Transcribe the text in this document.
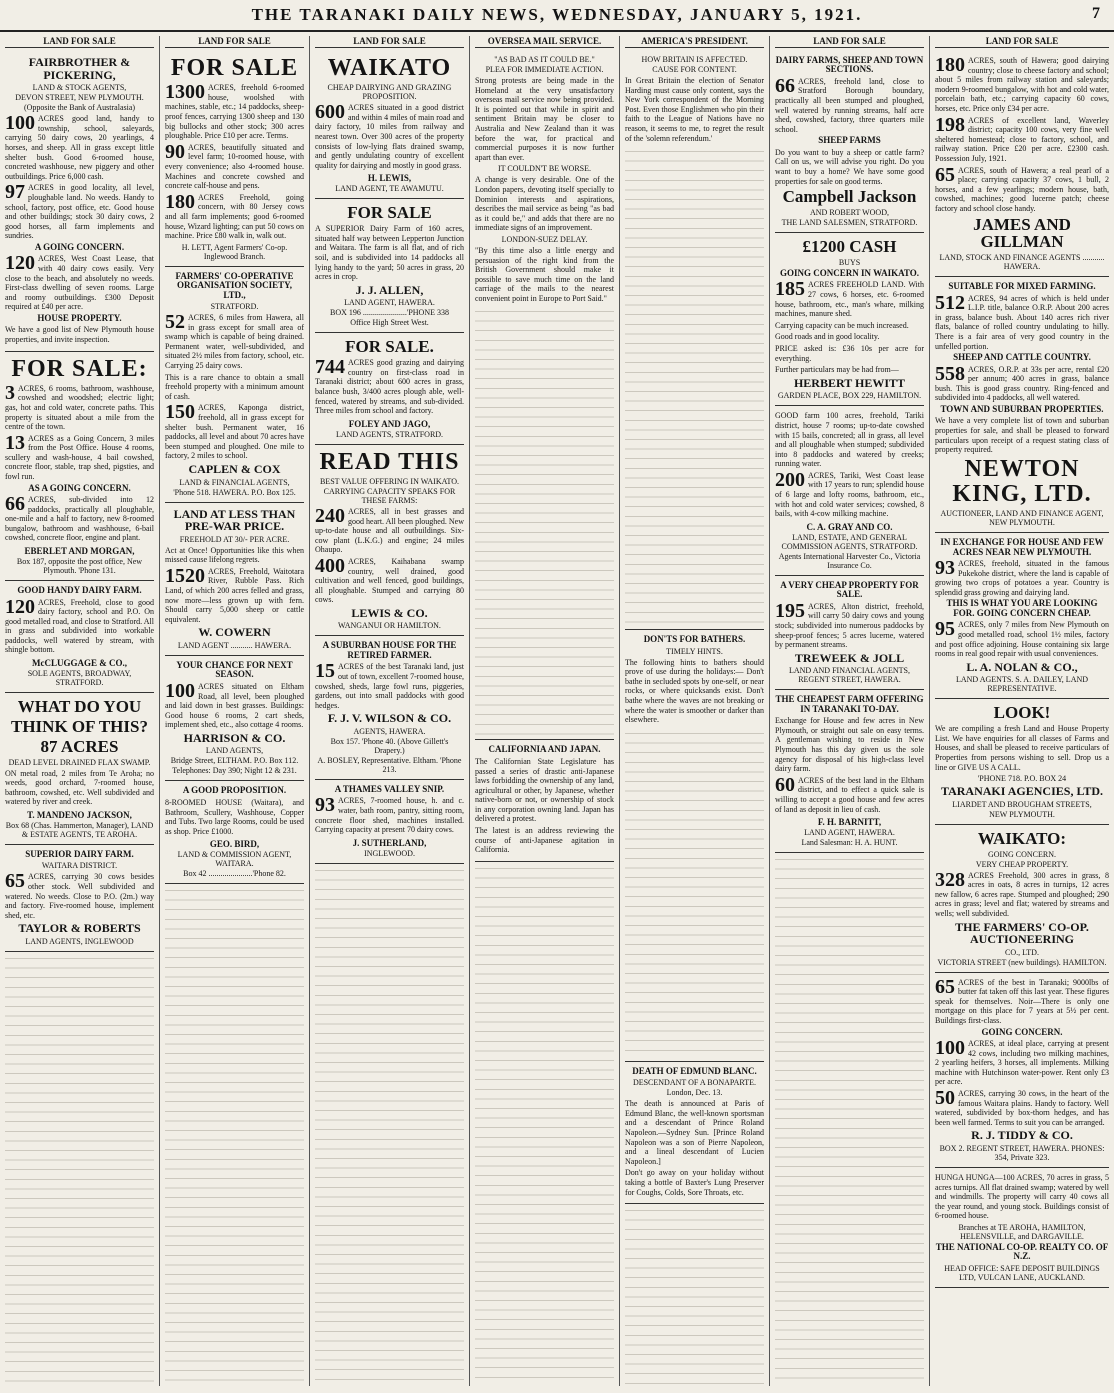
THE TARANAKI DAILY NEWS, WEDNESDAY, JANUARY 5, 1921.	7
LAND FOR SALE
FAIRBROTHER & PICKERING,
LAND & STOCK AGENTS,
DEVON STREET, NEW PLYMOUTH.
(Opposite the Bank of Australasia)
100 ACRES good land, handy to township, school, saleyards, carrying 50 dairy cows, 20 yearlings, 4 horses, and sheep. All in grass except little shelter bush. Good 6-roomed house, concreted washhouse, new piggery and other outbuildings. Price 6,000 cash.
97 ACRES in good locality, all level, ploughable land. No weeds. Handy to school, factory, post office, etc. Good house and other buildings; stock 30 dairy cows, 2 good horses, all farm implements and sundries.
A GOING CONCERN.
120 ACRES, West Coast Lease, that with 40 dairy cows easily. Very close to the beach, and absolutely no weeds. First-class dwelling of seven rooms. Large and roomy outbuildings. £300 Deposit required at £40 per acre.
HOUSE PROPERTY.
We have a good list of New Plymouth house properties, and invite inspection.
FOR SALE:
3 ACRES, 6 rooms, bathroom, washhouse, cowshed and woodshed; electric light; gas, hot and cold water, concrete paths. This property is situated about a mile from the centre of the town.
13 ACRES as a Going Concern, 3 miles from the Post Office. House 4 rooms, scullery and wash-house, 4 bail cowshed, concrete floor, stable, trap shed, pigsties, and fowl run.
AS A GOING CONCERN.
66 ACRES, sub-divided into 12 paddocks, practically all ploughable, one-mile and a half to factory, new 8-roomed bungalow, bathroom and washhouse, 6-bail cowshed, concrete floor, engine and plant.
EBERLET AND MORGAN,
Box 187, opposite the post office, New Plymouth. 'Phone 131.
GOOD HANDY DAIRY FARM.
120 ACRES, Freehold, close to good dairy factory, school and P.O. On good metalled road, and close to Stratford. All in grass and subdivided into workable paddocks, well watered by stream, with shingle bottom.
McCLUGGAGE & CO.,
SOLE AGENTS, BROADWAY, STRATFORD.
WHAT DO YOU
THINK OF THIS?
87 ACRES
DEAD LEVEL DRAINED FLAX SWAMP.
ON metal road, 2 miles from Te Aroha; no weeds, good orchard, 7-roomed house, bathroom, cowshed, etc. Well subdivided and watered by river and creek.
T. MANDENO JACKSON,
Box 68 (Chas. Hammerton, Manager), LAND & ESTATE AGENTS, TE AROHA.
SUPERIOR DAIRY FARM.
WAITARA DISTRICT.
65 ACRES, carrying 30 cows besides other stock. Well subdivided and watered. No weeds. Close to P.O. (2m.) way and factory. Five-roomed house, implement shed, etc.
TAYLOR & ROBERTS
LAND AGENTS, INGLEWOOD
LAND FOR SALE
FOR SALE
1300 ACRES, freehold 6-roomed house, woolshed with machines, stable, etc.; 14 paddocks, sheep-proof fences, carrying 1300 sheep and 130 big bullocks and other stock; 300 acres ploughable. Price £10 per acre. Terms.
90 ACRES, beautifully situated and level farm; 10-roomed house, with every convenience; also 4-roomed house. Machines and concrete cowshed and concrete calf-house and pens.
180 ACRES Freehold, going concern, with 80 Jersey cows and all farm implements; good 6-roomed house, Wizard lighting; can put 50 cows on machine. Price £80 walk in, walk out.
H. LETT, Agent Farmers' Co-op. Inglewood Branch.
FARMERS' CO-OPERATIVE ORGANISATION SOCIETY, LTD.,
STRATFORD.
52 ACRES, 6 miles from Hawera, all in grass except for small area of swamp which is capable of being drained. Permanent water, well-subdivided, and situated 2½ miles from factory, school, etc. Carrying 25 dairy cows.
This is a rare chance to obtain a small freehold property with a minimum amount of cash.
150 ACRES, Kaponga district, freehold, all in grass except for shelter bush. Permanent water, 16 paddocks, all level and about 70 acres have been stumped and ploughed. One mile to factory, 2 miles to school.
CAPLEN & COX
LAND & FINANCIAL AGENTS,
'Phone 518. HAWERA. P.O. Box 125.
LAND AT LESS THAN PRE-WAR PRICE.
FREEHOLD AT 30/- PER ACRE.
Act at Once! Opportunities like this when missed cause lifelong regrets.
1520 ACRES, Freehold, Waitotara River, Rubble Pass. Rich Land, of which 200 acres felled and grass, now more—less grown up with fern. Should carry 5,000 sheep or cattle equivalent.
W. COWERN
LAND AGENT ........... HAWERA.
YOUR CHANCE FOR NEXT SEASON.
100 ACRES situated on Eltham Road, all level, been ploughed and laid down in best grasses. Buildings: Good house 6 rooms, 2 cart sheds, implement shed, etc., also cottage 4 rooms.
HARRISON & CO.
LAND AGENTS,
Bridge Street, ELTHAM. P.O. Box 112.
Telephones: Day 390; Night 12 & 231.
A GOOD PROPOSITION.
8-ROOMED HOUSE (Waitara), and Bathroom, Scullery, Washhouse, Copper and Tubs. Two large Rooms, could be used as shop. Price £1000.
GEO. BIRD,
LAND & COMMISSION AGENT, WAITARA.
Box 42 ......................'Phone 82.
LAND FOR SALE
WAIKATO
CHEAP DAIRYING AND GRAZING PROPOSITION.
600 ACRES situated in a good district and within 4 miles of main road and dairy factory, 10 miles from railway and nearest town. Over 300 acres of the property consists of low-lying flats drained swamp, and gently undulating country of excellent quality for dairying and mostly in good grass.
H. LEWIS,
LAND AGENT, TE AWAMUTU.
FOR SALE
A SUPERIOR Dairy Farm of 160 acres, situated half way between Lepperton Junction and Waitara. The farm is all flat, and of rich soil, and is subdivided into 14 paddocks all lying handy to the yard; 50 acres in grass, 20 acres in crop.
J. J. ALLEN,
LAND AGENT, HAWERA.
BOX 196 ......................'PHONE 338
Office High Street West.
FOR SALE.
744 ACRES good grazing and dairying country on first-class road in Taranaki district; about 600 acres in grass, balance bush, 3/400 acres plough able, well-fenced, watered by streams, and sub-divided. Three miles from school and factory.
FOLEY AND JAGO,
LAND AGENTS, STRATFORD.
READ THIS
BEST VALUE OFFERING IN WAIKATO.
CARRYING CAPACITY SPEAKS FOR THESE FARMS:
240 ACRES, all in best grasses and good heart. All been ploughed. New up-to-date house and all outbuildings. Six-cow plant (L.K.G.) and engine; 24 miles Ohaupo.
400 ACRES, Kaihabana swamp country, well drained, good cultivation and well fenced, good buildings, all ploughable. Stumped and carrying 80 cows.
LEWIS & CO.
WANGANUI OR HAMILTON.
A SUBURBAN HOUSE FOR THE RETIRED FARMER.
15 ACRES of the best Taranaki land, just out of town, excellent 7-roomed house, cowshed, sheds, large fowl runs, piggeries, gardens, out into small paddocks with good hedges.
F. J. V. WILSON & CO.
AGENTS, HAWERA.
Box 157. 'Phone 40. (Above Gillett's Drapery.)
A. BOSLEY, Representative. Eltham. 'Phone 213.
A THAMES VALLEY SNIP.
93 ACRES, 7-roomed house, h. and c. water, bath room, pantry, sitting room, concrete floor shed, machines installed. Carrying capacity at present 70 dairy cows.
J. SUTHERLAND,
INGLEWOOD.
OVERSEA MAIL SERVICE.
"AS BAD AS IT COULD BE."
PLEA FOR IMMEDIATE ACTION.
Strong protests are being made in the Homeland at the very unsatisfactory overseas mail service now being provided. It is pointed out that while in spirit and sentiment Britain may be closer to Australia and New Zealand than it was before the war, for practical and commercial purposes it is now further apart than ever.
IT COULDN'T BE WORSE.
A change is very desirable. One of the London papers, devoting itself specially to Dominion interests and aspirations, describes the mail service as being "as bad as it could be," and adds that there are no immediate signs of an improvement.
LONDON-SUEZ DELAY.
"By this time also a little energy and persuasion of the right kind from the British Government should make it possible to save much time on the land carriage of the mails to the nearest convenient point in Europe to Port Said."
CALIFORNIA AND JAPAN.
The Californian State Legislature has passed a series of drastic anti-Japanese laws forbidding the ownership of any land, agricultural or other, by Japanese, whether native-born or not, or ownership of stock in any corporation owning land. Japan has delivered a protest.
The latest is an address reviewing the course of anti-Japanese agitation in California.
AMERICA'S PRESIDENT.
HOW BRITAIN IS AFFECTED.
CAUSE FOR CONTENT.
In Great Britain the election of Senator Harding must cause only content, says the New York correspondent of the Morning Post. Even those Englishmen who pin their faith to the League of Nations have no reason, it seems to me, to regret the result of the 'solemn referendum.'
DON'TS FOR BATHERS.
TIMELY HINTS.
The following hints to bathers should prove of use during the holidays:— Don't bathe in secluded spots by one-self, or near rocks, or where quicksands exist. Don't bathe where the waves are not breaking or where the water is smoother or darker than elsewhere.
DEATH OF EDMUND BLANC.
DESCENDANT OF A BONAPARTE.
London, Dec. 13.
The death is announced at Paris of Edmund Blanc, the well-known sportsman and a descendant of Prince Roland Napoleon.—Sydney Sun. [Prince Roland Napoleon was a son of Pierre Napoleon, and a lineal descendant of Lucien Napoleon.]
Don't go away on your holiday without taking a bottle of Baxter's Lung Preserver for Coughs, Colds, Sore Throats, etc.
LAND FOR SALE
DAIRY FARMS, SHEEP AND TOWN SECTIONS.
66 ACRES, freehold land, close to Stratford Borough boundary, practically all been stumped and ploughed, well watered by running streams, half acre shed, cowshed, factory, three quarters mile school.
SHEEP FARMS
Do you want to buy a sheep or cattle farm? Call on us, we will advise you right. Do you want to buy a home? We have some good properties for sale on good terms.
Campbell Jackson
AND ROBERT WOOD,
THE LAND SALESMEN, STRATFORD.
£1200 CASH
BUYS
GOING CONCERN IN WAIKATO.
185 ACRES FREEHOLD LAND. With 27 cows, 6 horses, etc. 6-roomed house, bathroom, etc., man's whare, milking machines, manure shed.
Carrying capacity can be much increased.
Good roads and in good locality.
PRICE asked is: £36 10s per acre for everything.
Further particulars may be had from—
HERBERT HEWITT
GARDEN PLACE, BOX 229, HAMILTON.
GOOD farm 100 acres, freehold, Tariki district, house 7 rooms; up-to-date cowshed with 15 bails, concreted; all in grass, all level and all ploughable when stumped; subdivided into 8 paddocks and watered by creeks; running water.
200 ACRES, Tariki, West Coast lease with 17 years to run; splendid house of 6 large and lofty rooms, bathroom, etc., with hot and cold water services; cowshed, 8 bails, with 4-cow milking machine.
C. A. GRAY AND CO.
LAND, ESTATE, AND GENERAL COMMISSION AGENTS, STRATFORD.
Agents International Harvester Co., Victoria Insurance Co.
A VERY CHEAP PROPERTY FOR SALE.
195 ACRES, Alton district, freehold, will carry 50 dairy cows and young stock; subdivided into numerous paddocks by sheep-proof fences; 5 acres lucerne, watered by permanent streams.
TREWEEK & JOLL
LAND AND FINANCIAL AGENTS, REGENT STREET, HAWERA.
THE CHEAPEST FARM OFFERING IN TARANAKI TO-DAY.
Exchange for House and few acres in New Plymouth, or straight out sale on easy terms. A gentleman wishing to reside in New Plymouth has this day given us the sole agency for disposal of his high-class level dairy farm.
60 ACRES of the best land in the Eltham district, and to effect a quick sale is willing to accept a good house and few acres of land as deposit in lieu of cash.
F. H. BARNITT,
LAND AGENT, HAWERA.
Land Salesman: H. A. HUNT.
LAND FOR SALE
180 ACRES, south of Hawera; good dairying country; close to cheese factory and school; about 5 miles from railway station and saleyards; modern 9-roomed bungalow, with hot and cold water, porcelain bath, etc.; carrying capacity 60 cows, horses, etc. Price only £34 per acre.
198 ACRES of excellent land, Waverley district; capacity 100 cows, very fine well sheltered homestead; close to factory, school, and railway station. Price £20 per acre. £2300 cash. Possession July, 1921.
65 ACRES, south of Hawera; a real pearl of a place; carrying capacity 37 cows, 1 bull, 2 horses, and a few yearlings; modern house, bath, cowshed, machines; good lucerne patch; cheese factory and school close handy.
JAMES AND GILLMAN
LAND, STOCK AND FINANCE AGENTS ........... HAWERA.
SUITABLE FOR MIXED FARMING.
512 ACRES, 94 acres of which is held under L.I.P. title, balance O.R.P. About 200 acres in grass, balance bush. About 140 acres rich river flats, balance of rolled country undulating to hilly. There is a fair area of very good country in the unfelled portion.
SHEEP AND CATTLE COUNTRY.
558 ACRES, O.R.P. at 33s per acre, rental £20 per annum; 400 acres in grass, balance bush. This is good grass country. Ring-fenced and subdivided into 4 paddocks, all well watered.
TOWN AND SUBURBAN PROPERTIES.
We have a very complete list of town and suburban properties for sale, and shall be pleased to forward particulars upon receipt of a request stating class of property required.
NEWTON KING, LTD.
AUCTIONEER, LAND AND FINANCE AGENT, NEW PLYMOUTH.
IN EXCHANGE FOR HOUSE AND FEW ACRES NEAR NEW PLYMOUTH.
93 ACRES, freehold, situated in the famous Pukekohe district, where the land is capable of growing two crops of potatoes a year. Country is splendid grass growing and dairying land.
THIS IS WHAT YOU ARE LOOKING FOR. GOING CONCERN CHEAP.
95 ACRES, only 7 miles from New Plymouth on good metalled road, school 1½ miles, factory and post office adjoining. House containing six large rooms in real good repair with usual conveniences.
L. A. NOLAN & CO.,
LAND AGENTS. S. A. DAILEY, LAND REPRESENTATIVE.
LOOK!
We are compiling a fresh Land and House Property List. We have enquiries for all classes of Farms and Houses, and shall be pleased to receive particulars of Properties from persons wishing to sell. Drop us a line or GIVE US A CALL.
'PHONE 718. P.O. BOX 24
TARANAKI AGENCIES, LTD.
LIARDET AND BROUGHAM STREETS,
NEW PLYMOUTH.
WAIKATO:
GOING CONCERN.
VERY CHEAP PROPERTY.
328 ACRES Freehold, 300 acres in grass, 8 acres in oats, 8 acres in turnips, 12 acres new fallow, 6 acres rape. Stumped and ploughed; 290 acres in grass; level and flat; watered by streams and wells; well subdivided.
THE FARMERS' CO-OP. AUCTIONEERING
CO., LTD.
VICTORIA STREET (new buildings). HAMILTON.
65 ACRES of the best in Taranaki; 9000lbs of butter fat taken off this last year. These figures speak for themselves. Noir—There is only one mortgage on this place for 7 years at 5½ per cent. Buildings first-class.
GOING CONCERN.
100 ACRES, at ideal place, carrying at present 42 cows, including two milking machines, 2 yearling heifers, 3 horses, all implements. Milking machine with Hutchinson water-power. Rent only £3 per acre.
50 ACRES, carrying 30 cows, in the heart of the famous Waitara plains. Handy to factory. Well watered, subdivided by box-thorn hedges, and has been well farmed. Terms to suit you can be arranged.
R. J. TIDDY & CO.
BOX 2. REGENT STREET, HAWERA. PHONES: 354, Private 323.
HUNGA HUNGA—100 ACRES, 70 acres in grass, 5 acres turnips. All flat drained swamp; watered by well and windmills. The property will carry 40 cows all the year round, and young stock. Buildings consist of 6-roomed house.
Branches at TE AROHA, HAMILTON, HELENSVILLE, and DARGAVILLE.
THE NATIONAL CO-OP. REALTY CO. OF N.Z.
HEAD OFFICE: SAFE DEPOSIT BUILDINGS LTD, VULCAN LANE, AUCKLAND.
